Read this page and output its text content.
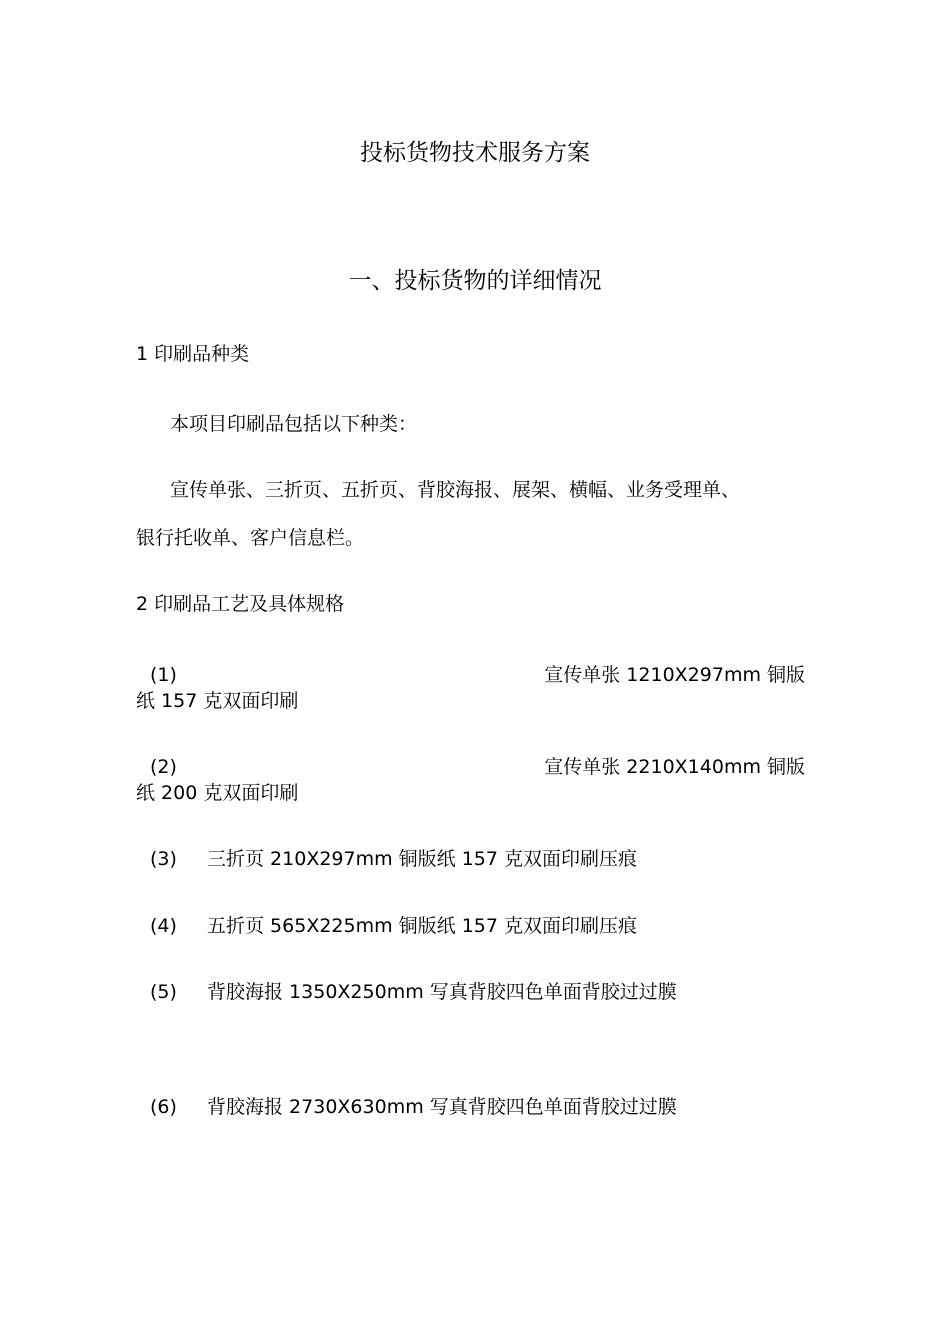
投标货物技术服务方案
一、投标货物的详细情况
1 印刷品种类
本项目印刷品包括以下种类：
宣传单张、三折页、五折页、背胶海报、展架、横幅、业务受理单、
银行托收单、客户信息栏。
2 印刷品工艺及具体规格
(1)	宣传单张 1210X297mm 铜版
纸 157 克双面印刷
(2)	宣传单张 2210X140mm 铜版
纸 200 克双面印刷
(3) 三折页 210X297mm 铜版纸 157 克双面印刷压痕
(4) 五折页 565X225mm 铜版纸 157 克双面印刷压痕
(5) 背胶海报 1350X250mm 写真背胶四色单面背胶过过膜
(6) 背胶海报 2730X630mm 写真背胶四色单面背胶过过膜
